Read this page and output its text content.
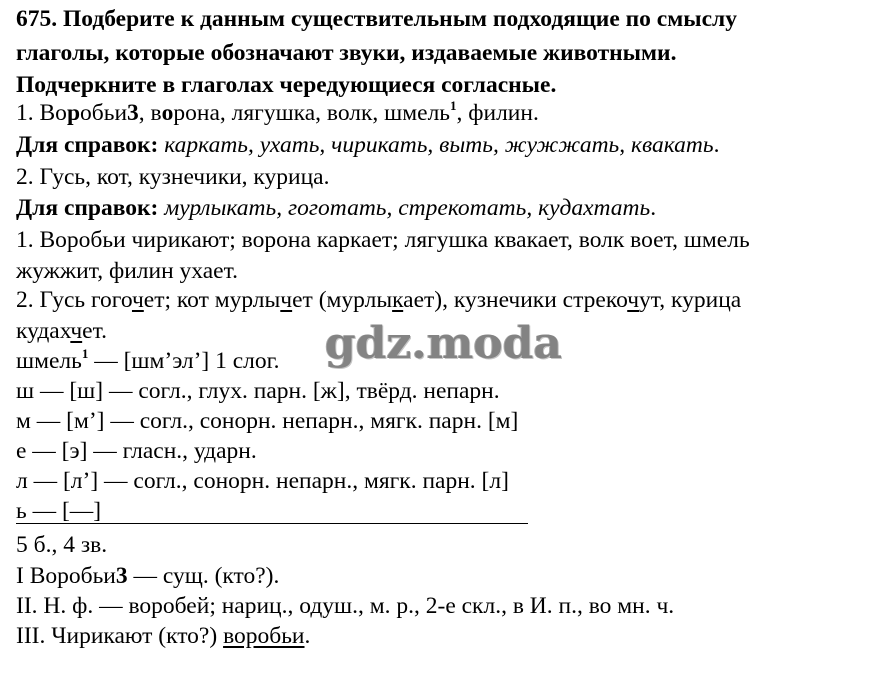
675. Подберите к данным существительным подходящие по смыслу
глаголы, которые обозначают звуки, издаваемые животными.
Подчеркните в глаголах чередующиеся согласные.
1. Воробьи3, ворона, лягушка, волк, шмель$^1$, филин.
Для справок: каркать, ухать, чирикать, выть, жужжать, квакать.
2. Гусь, кот, кузнечики, курица.
Для справок: мурлыкать, гоготать, стрекотать, кудахтать.
1. Воробьи чирикают; ворона каркает; лягушка квакает, волк воет, шмель
жужжит, филин ухает.
2. Гусь гогочет; кот мурлычет (мурлыкает), кузнечики стрекочут, курица
кудахчет.
шмель$^1$ — [шм’эл’] 1 слог.
ш — [ш] — согл., глух. парн. [ж], твёрд. непарн.
м — [м’] — согл., сонорн. непарн., мягк. парн. [м]
е — [э] — гласн., ударн.
л — [л’] — согл., сонорн. непарн., мягк. парн. [л]
ь — [—]
5 б., 4 зв.
I Воробьи3 — сущ. (кто?).
II. Н. ф. — воробей; нариц., одуш., м. р., 2-е скл., в И. п., во мн. ч.
III. Чирикают (кто?) воробьи.
gdz.moda
